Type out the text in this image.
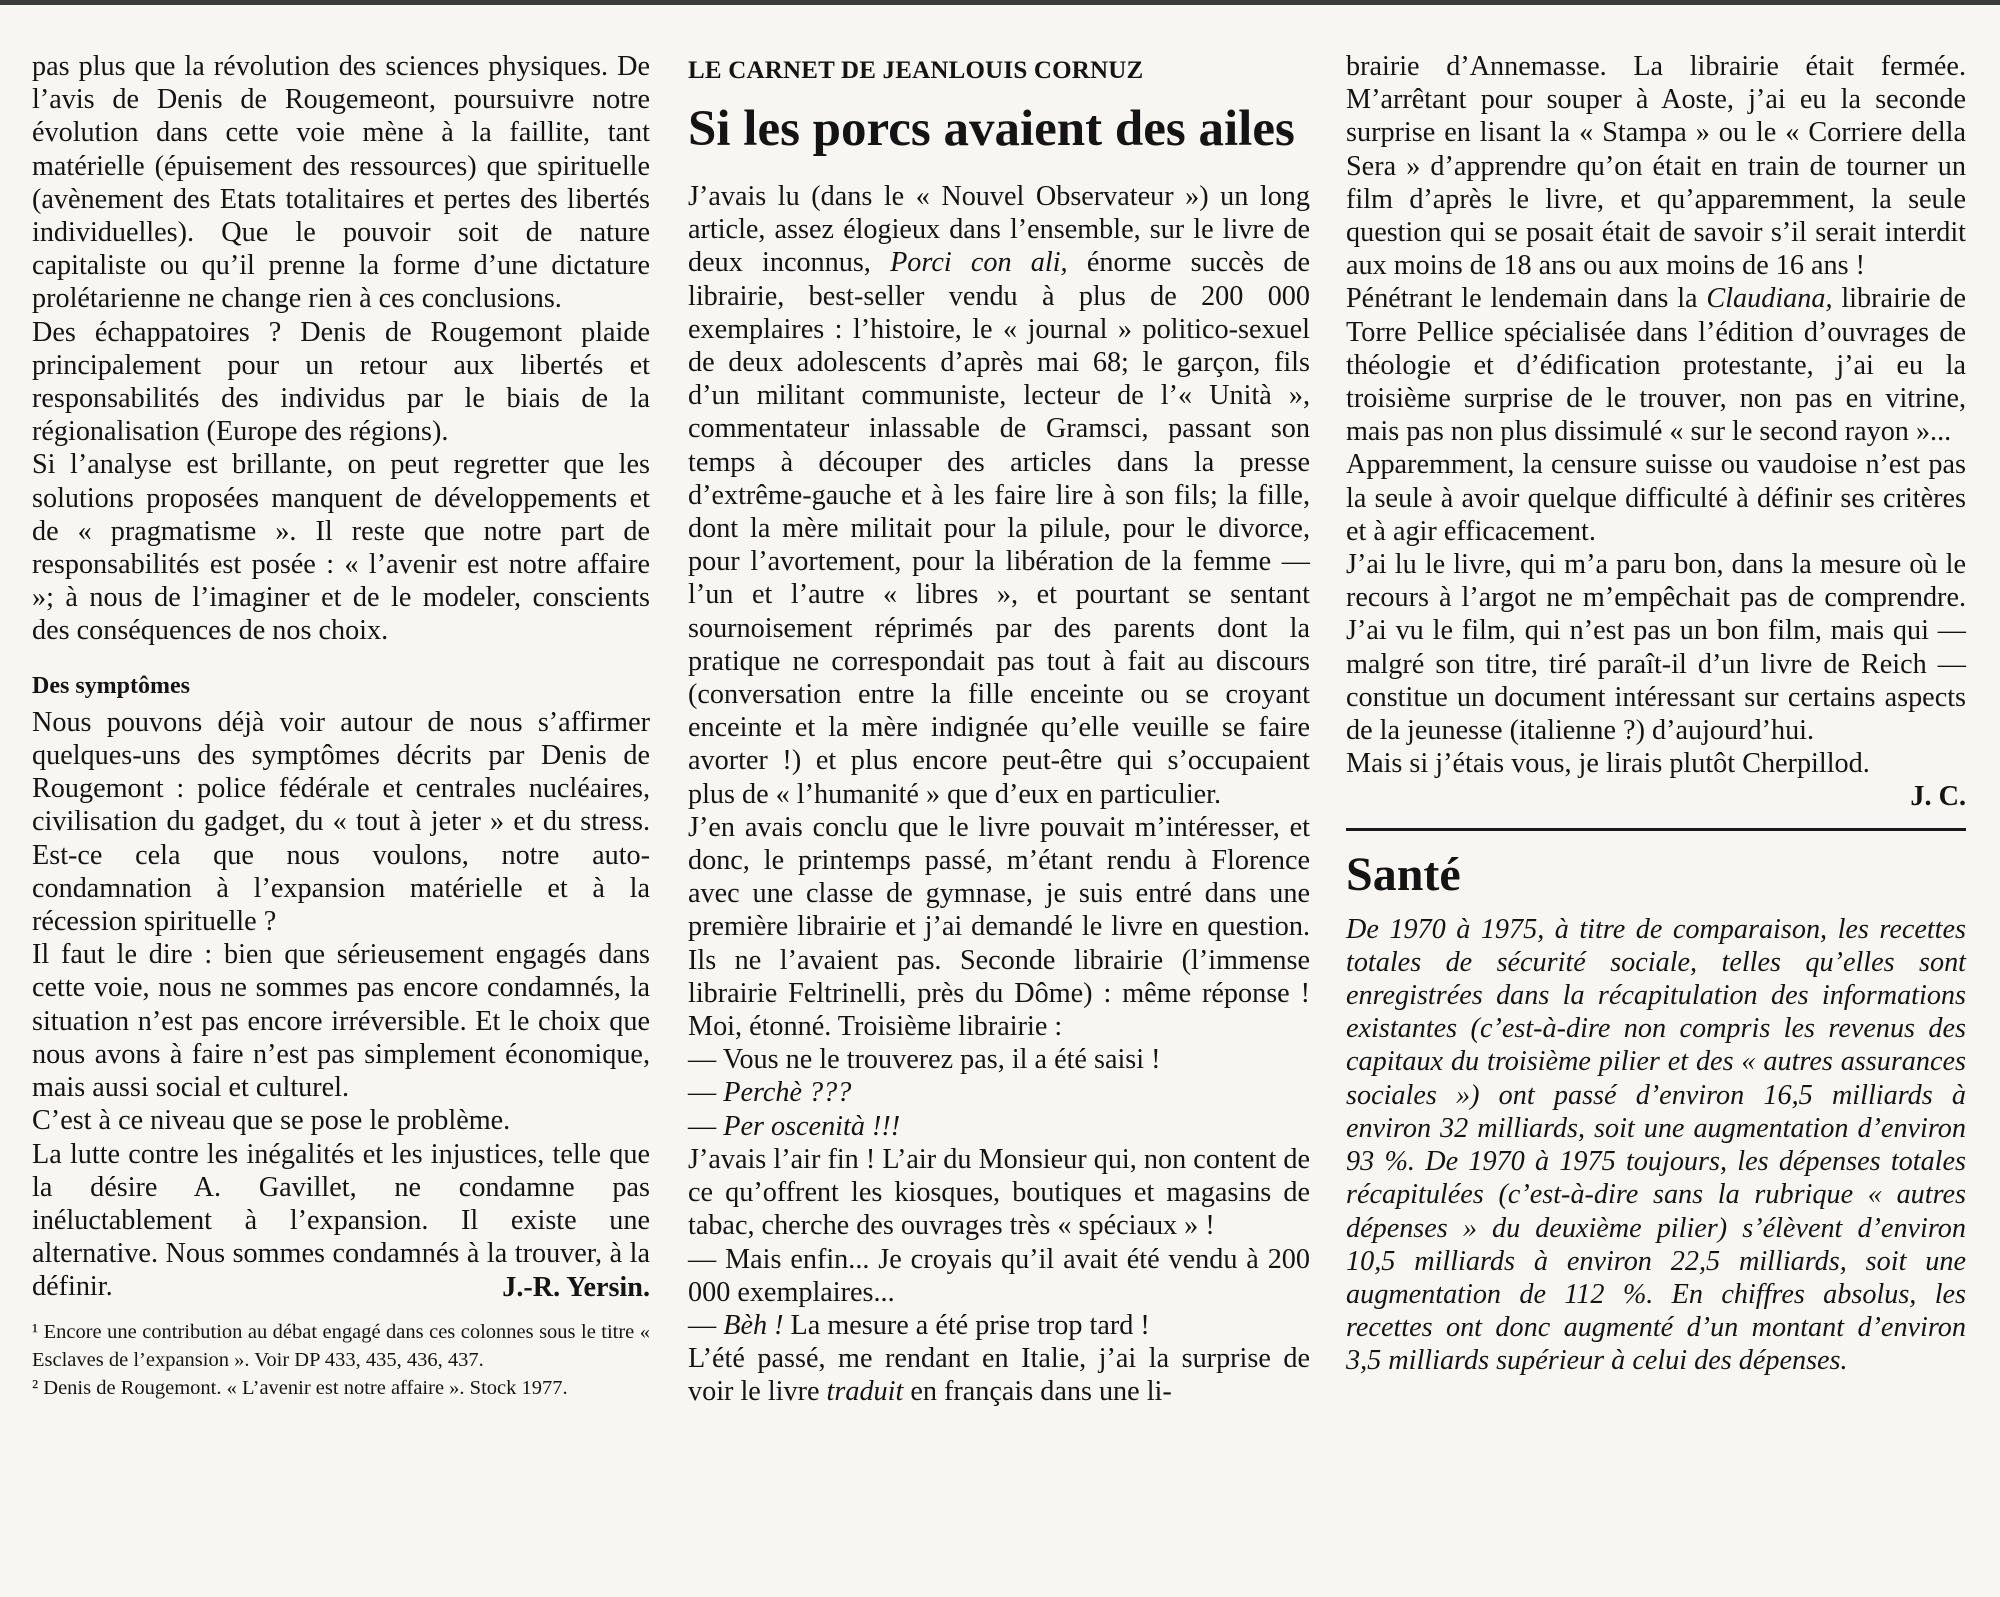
pas plus que la révolution des sciences physiques. De l’avis de Denis de Rougemeont, poursuivre notre évolution dans cette voie mène à la faillite, tant matérielle (épuisement des ressources) que spirituelle (avènement des Etats totalitaires et pertes des libertés individuelles). Que le pouvoir soit de nature capitaliste ou qu’il prenne la forme d’une dictature prolétarienne ne change rien à ces conclusions.

Des échappatoires ? Denis de Rougemont plaide principalement pour un retour aux libertés et responsabilités des individus par le biais de la régionalisation (Europe des régions).

Si l’analyse est brillante, on peut regretter que les solutions proposées manquent de développements et de « pragmatisme ». Il reste que notre part de responsabilités est posée : « l’avenir est notre affaire »; à nous de l’imaginer et de le modeler, conscients des conséquences de nos choix.

Des symptômes

Nous pouvons déjà voir autour de nous s’affirmer quelques-uns des symptômes décrits par Denis de Rougemont : police fédérale et centrales nucléaires, civilisation du gadget, du « tout à jeter » et du stress. Est-ce cela que nous voulons, notre auto-condamnation à l’expansion matérielle et à la récession spirituelle ?

Il faut le dire : bien que sérieusement engagés dans cette voie, nous ne sommes pas encore condamnés, la situation n’est pas encore irréversible. Et le choix que nous avons à faire n’est pas simplement économique, mais aussi social et culturel.

C’est à ce niveau que se pose le problème.

La lutte contre les inégalités et les injustices, telle que la désire A. Gavillet, ne condamne pas inéluctablement à l’expansion. Il existe une alternative. Nous sommes condamnés à la trouver, à la définir.	J.-R. Yersin.

¹ Encore une contribution au débat engagé dans ces colonnes sous le titre « Esclaves de l’expansion ». Voir DP 433, 435, 436, 437.

² Denis de Rougemont. « L’avenir est notre affaire ». Stock 1977.

LE CARNET DE JEANLOUIS CORNUZ
Si les porcs avaient des ailes

J’avais lu (dans le « Nouvel Observateur ») un long article, assez élogieux dans l’ensemble, sur le livre de deux inconnus, Porci con ali, énorme succès de librairie, best-seller vendu à plus de 200 000 exemplaires : l’histoire, le « journal » politico-sexuel de deux adolescents d’après mai 68; le garçon, fils d’un militant communiste, lecteur de l’« Unità », commentateur inlassable de Gramsci, passant son temps à découper des articles dans la presse d’extrême-gauche et à les faire lire à son fils; la fille, dont la mère militait pour la pilule, pour le divorce, pour l’avortement, pour la libération de la femme — l’un et l’autre « libres », et pourtant se sentant sournoisement réprimés par des parents dont la pratique ne correspondait pas tout à fait au discours (conversation entre la fille enceinte ou se croyant enceinte et la mère indignée qu’elle veuille se faire avorter !) et plus encore peut-être qui s’occupaient plus de « l’humanité » que d’eux en particulier.

J’en avais conclu que le livre pouvait m’intéresser, et donc, le printemps passé, m’étant rendu à Florence avec une classe de gymnase, je suis entré dans une première librairie et j’ai demandé le livre en question. Ils ne l’avaient pas. Seconde librairie (l’immense librairie Feltrinelli, près du Dôme) : même réponse ! Moi, étonné. Troisième librairie :

— Vous ne le trouverez pas, il a été saisi !

— Perchè ???

— Per oscenità !!!

J’avais l’air fin ! L’air du Monsieur qui, non content de ce qu’offrent les kiosques, boutiques et magasins de tabac, cherche des ouvrages très « spéciaux » !

— Mais enfin... Je croyais qu’il avait été vendu à 200 000 exemplaires...

— Bèh ! La mesure a été prise trop tard !

L’été passé, me rendant en Italie, j’ai la surprise de voir le livre traduit en français dans une li-

brairie d’Annemasse. La librairie était fermée. M’arrêtant pour souper à Aoste, j’ai eu la seconde surprise en lisant la « Stampa » ou le « Corriere della Sera » d’apprendre qu’on était en train de tourner un film d’après le livre, et qu’apparemment, la seule question qui se posait était de savoir s’il serait interdit aux moins de 18 ans ou aux moins de 16 ans !

Pénétrant le lendemain dans la Claudiana, librairie de Torre Pellice spécialisée dans l’édition d’ouvrages de théologie et d’édification protestante, j’ai eu la troisième surprise de le trouver, non pas en vitrine, mais pas non plus dissimulé « sur le second rayon »...

Apparemment, la censure suisse ou vaudoise n’est pas la seule à avoir quelque difficulté à définir ses critères et à agir efficacement.

J’ai lu le livre, qui m’a paru bon, dans la mesure où le recours à l’argot ne m’empêchait pas de comprendre. J’ai vu le film, qui n’est pas un bon film, mais qui — malgré son titre, tiré paraît-il d’un livre de Reich — constitue un document intéressant sur certains aspects de la jeunesse (italienne ?) d’aujourd’hui.

Mais si j’étais vous, je lirais plutôt Cherpillod.

J. C.

Santé

De 1970 à 1975, à titre de comparaison, les recettes totales de sécurité sociale, telles qu’elles sont enregistrées dans la récapitulation des informations existantes (c’est-à-dire non compris les revenus des capitaux du troisième pilier et des « autres assurances sociales ») ont passé d’environ 16,5 milliards à environ 32 milliards, soit une augmentation d’environ 93 %. De 1970 à 1975 toujours, les dépenses totales récapitulées (c’est-à-dire sans la rubrique « autres dépenses » du deuxième pilier) s’élèvent d’environ 10,5 milliards à environ 22,5 milliards, soit une augmentation de 112 %. En chiffres absolus, les recettes ont donc augmenté d’un montant d’environ 3,5 milliards supérieur à celui des dépenses.
